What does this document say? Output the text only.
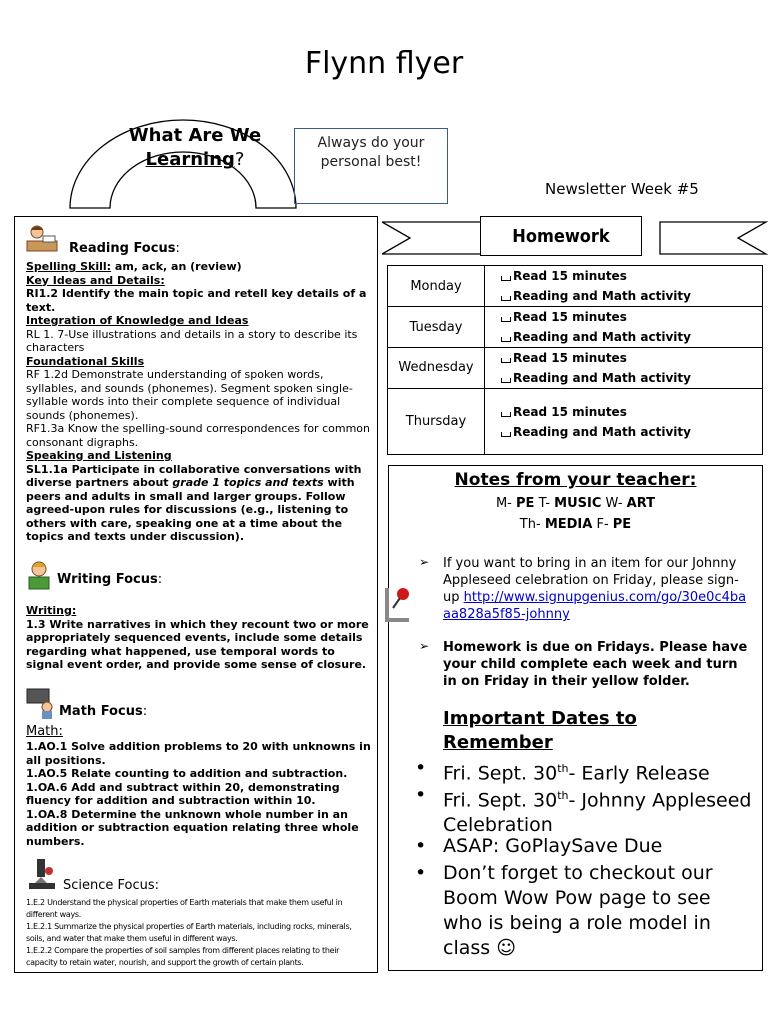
Flynn flyer
What Are We
Learning?
Always do your personal best!
Newsletter Week #5
Reading Focus:
Spelling Skill: am, ack, an (review)
Key Ideas and Details:
RI1.2 Identify the main topic and retell key details of a text.
Integration of Knowledge and Ideas
RL 1. 7-Use illustrations and details in a story to describe its characters
Foundational Skills
RF 1.2d Demonstrate understanding of spoken words, syllables, and sounds (phonemes). Segment spoken single-syllable words into their complete sequence of individual sounds (phonemes).
RF1.3a Know the spelling-sound correspondences for common consonant digraphs.
Speaking and Listening
SL1.1a Participate in collaborative conversations with diverse partners about grade 1 topics and texts with peers and adults in small and larger groups. Follow agreed-upon rules for discussions (e.g., listening to others with care, speaking one at a time about the topics and texts under discussion).
Writing Focus:
Writing:
1.3 Write narratives in which they recount two or more appropriately sequenced events, include some details regarding what happened, use temporal words to signal event order, and provide some sense of closure.
Math Focus:
Math:
1.AO.1 Solve addition problems to 20 with unknowns in all positions.
1.AO.5 Relate counting to addition and subtraction.
1.OA.6 Add and subtract within 20, demonstrating fluency for addition and subtraction within 10.
1.OA.8 Determine the unknown whole number in an addition or subtraction equation relating three whole numbers.
Science Focus:
1.E.2 Understand the physical properties of Earth materials that make them useful in different ways.
1.E.2.1 Summarize the physical properties of Earth materials, including rocks, minerals, soils, and water that make them useful in different ways.
1.E.2.2 Compare the properties of soil samples from different places relating to their capacity to retain water, nourish, and support the growth of certain plants.
Homework
Monday	Read 15 minutes
Reading and Math activity

Tuesday	Read 15 minutes
Reading and Math activity

Wednesday	Read 15 minutes
Reading and Math activity

Thursday	Read 15 minutes
Reading and Math activity
Notes from your teacher:
M- PE T- MUSIC W- ART
Th- MEDIA F- PE
➢ If you want to bring in an item for our Johnny Appleseed celebration on Friday, please sign-up http://www.signupgenius.com/go/30e0c4baaa828a5f85-johnny
➢ Homework is due on Fridays. Please have your child complete each week and turn in on Friday in their yellow folder.
Important Dates to Remember
• Fri. Sept. 30th- Early Release
• Fri. Sept. 30th- Johnny Appleseed Celebration
• ASAP: GoPlaySave Due
• Don’t forget to checkout our Boom Wow Pow page to see who is being a role model in class ☺
